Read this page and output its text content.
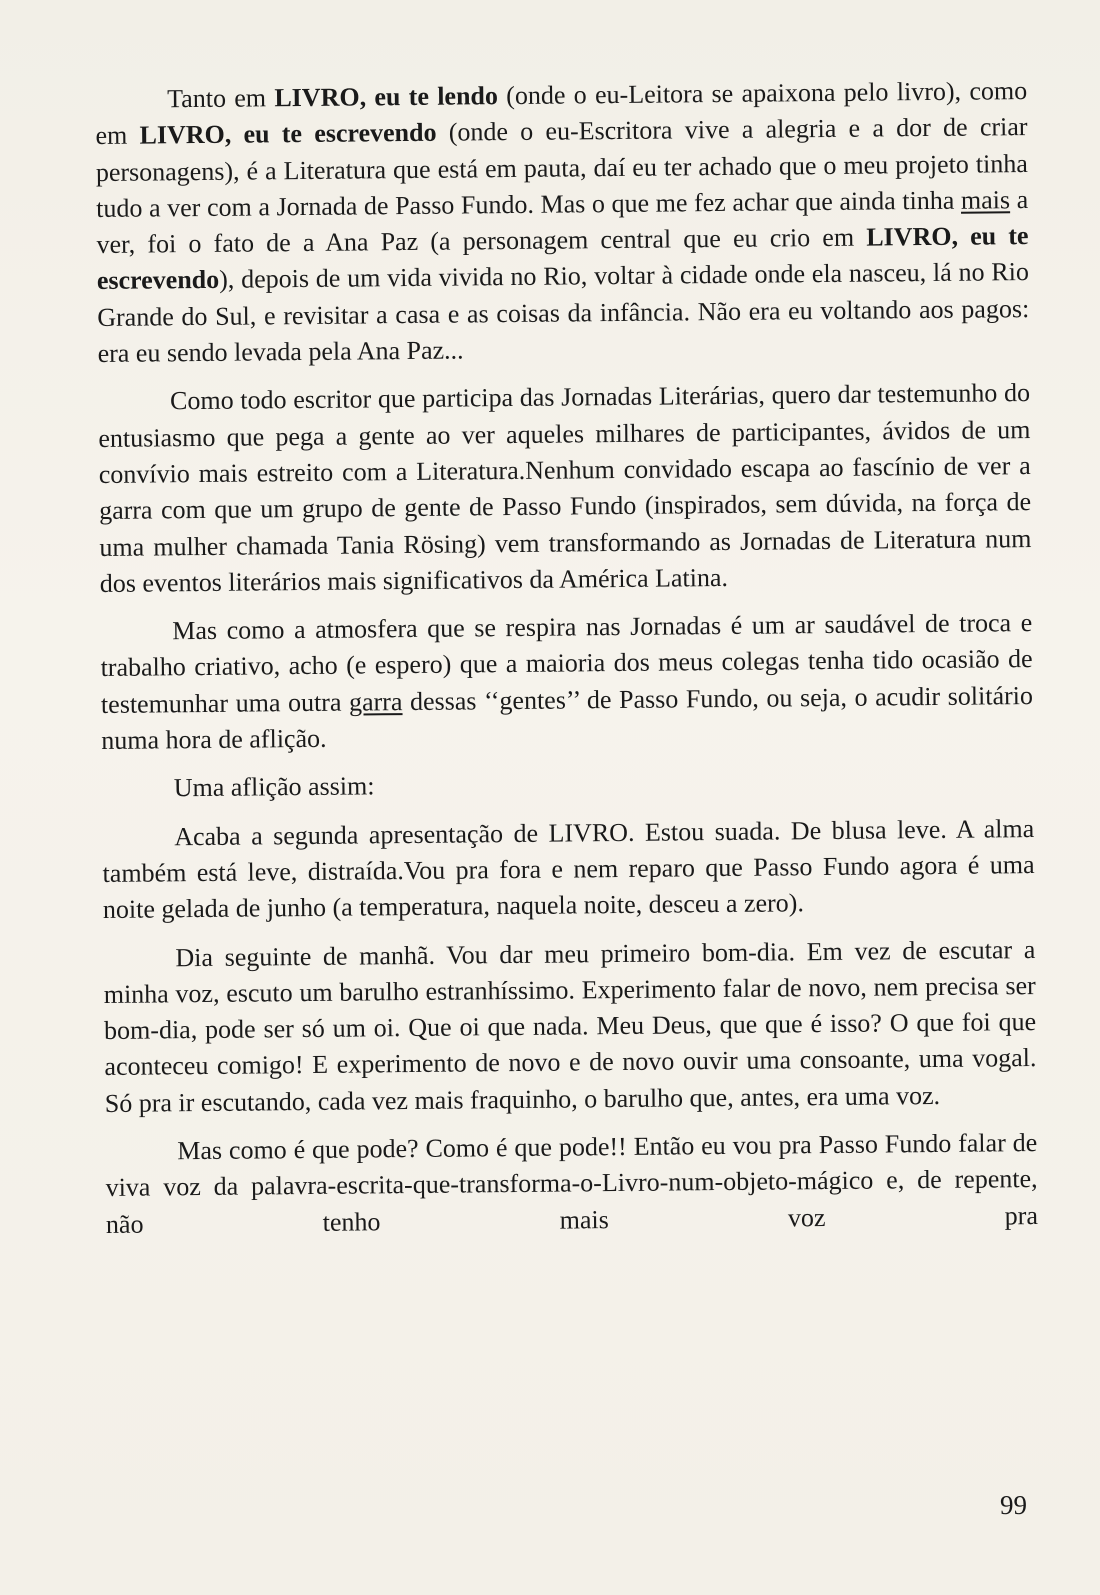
Tanto em LIVRO, eu te lendo (onde o eu-Leitora se apaixona pelo livro), como em LIVRO, eu te escrevendo (onde o eu-Escritora vive a alegria e a dor de criar personagens), é a Literatura que está em pauta, daí eu ter achado que o meu projeto tinha tudo a ver com a Jornada de Passo Fundo. Mas o que me fez achar que ainda tinha mais a ver, foi o fato de a Ana Paz (a personagem central que eu crio em LIVRO, eu te escrevendo), depois de um vida vivida no Rio, voltar à cidade onde ela nasceu, lá no Rio Grande do Sul, e revisitar a casa e as coisas da infância. Não era eu voltando aos pagos: era eu sendo levada pela Ana Paz...

Como todo escritor que participa das Jornadas Literárias, quero dar testemunho do entusiasmo que pega a gente ao ver aqueles milhares de participantes, ávidos de um convívio mais estreito com a Literatura.Nenhum convidado escapa ao fascínio de ver a garra com que um grupo de gente de Passo Fundo (inspirados, sem dúvida, na força de uma mulher chamada Tania Rösing) vem transformando as Jornadas de Literatura num dos eventos literários mais significativos da América Latina.

Mas como a atmosfera que se respira nas Jornadas é um ar saudável de troca e trabalho criativo, acho (e espero) que a maioria dos meus colegas tenha tido ocasião de testemunhar uma outra garra dessas ‘‘gentes’’ de Passo Fundo, ou seja, o acudir solitário numa hora de aflição.

Uma aflição assim:

Acaba a segunda apresentação de LIVRO. Estou suada. De blusa leve. A alma também está leve, distraída.Vou pra fora e nem reparo que Passo Fundo agora é uma noite gelada de junho (a temperatura, naquela noite, desceu a zero).

Dia seguinte de manhã. Vou dar meu primeiro bom-dia. Em vez de escutar a minha voz, escuto um barulho estranhíssimo. Experimento falar de novo, nem precisa ser bom-dia, pode ser só um oi. Que oi que nada. Meu Deus, que que é isso? O que foi que aconteceu comigo! E experimento de novo e de novo ouvir uma consoante, uma vogal. Só pra ir escutando, cada vez mais fraquinho, o barulho que, antes, era uma voz.

Mas como é que pode? Como é que pode!! Então eu vou pra Passo Fundo falar de viva voz da palavra-escrita-que-transforma-o-Livro-num-objeto-mágico e, de repente, não tenho mais voz pra

99
